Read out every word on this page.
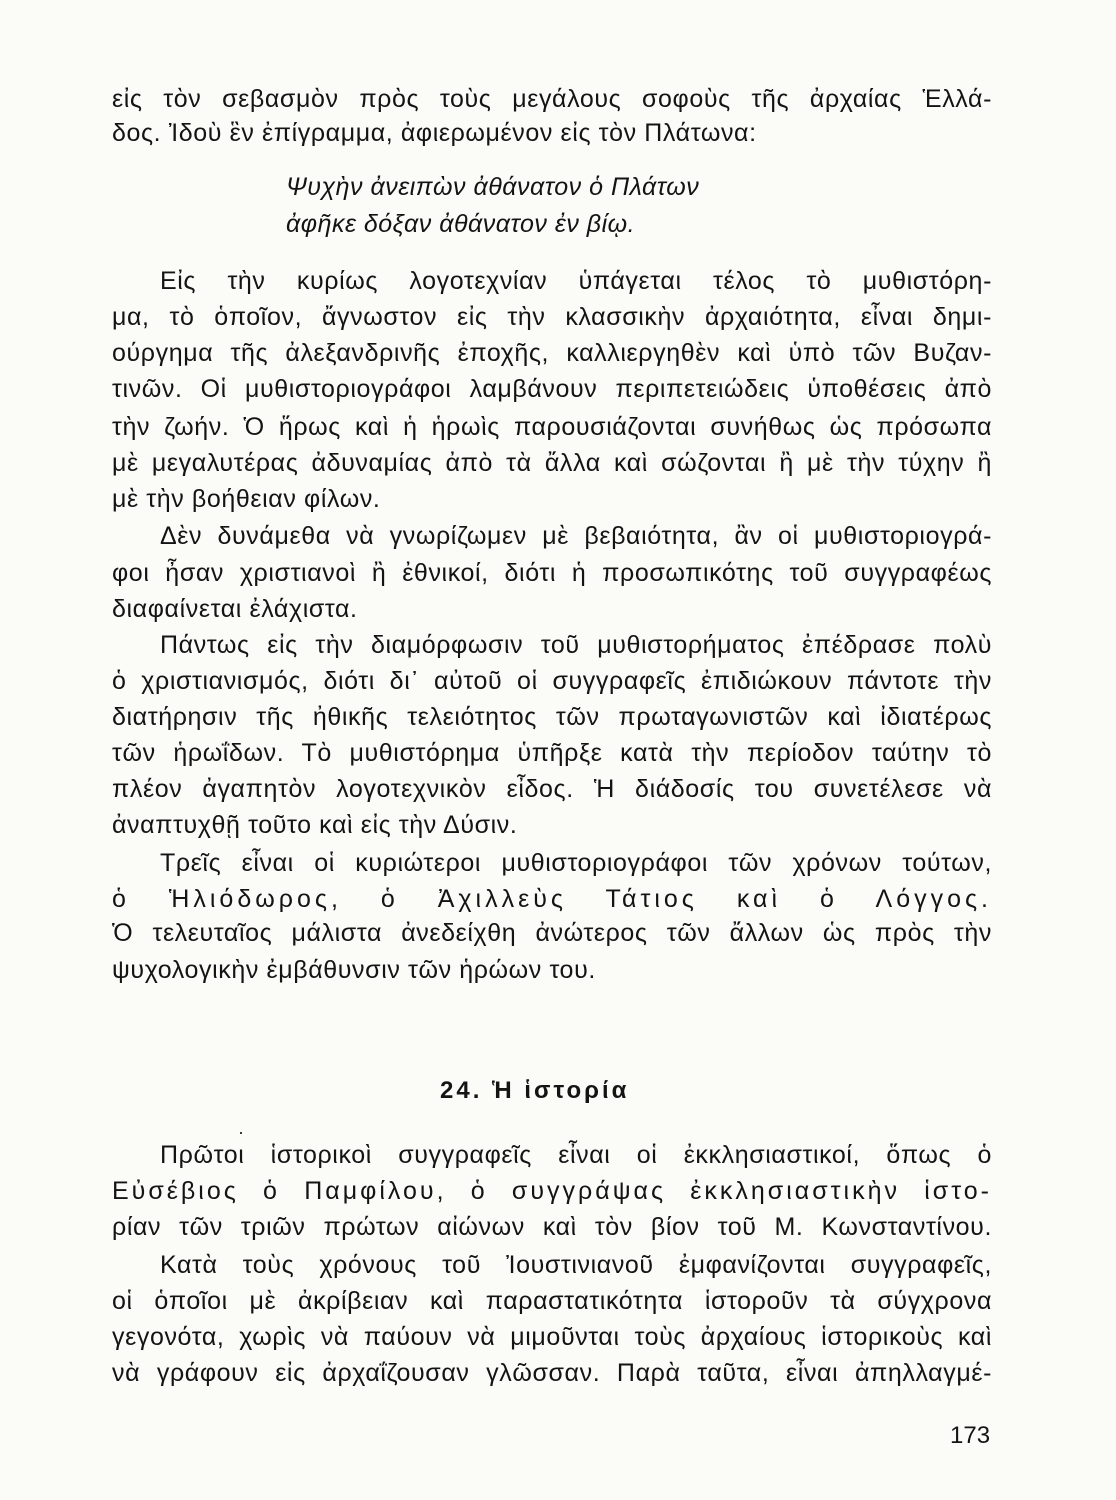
εἰς τὸν σεβασμὸν πρὸς τοὺς μεγάλους σοφοὺς τῆς ἀρχαίας Ἑλλά-
δος. Ἰδοὺ ἓν ἐπίγραμμα, ἀφιερωμένον εἰς τὸν Πλάτωνα:
Ψυχὴν ἀνειπὼν ἀθάνατον ὁ Πλάτων
ἀφῆκε δόξαν ἀθάνατον ἐν βίῳ.
Εἰς τὴν κυρίως λογοτεχνίαν ὑπάγεται τέλος τὸ μυθιστόρη-
μα, τὸ ὁποῖον, ἄγνωστον εἰς τὴν κλασσικὴν ἀρχαιότητα, εἶναι δημι-
ούργημα τῆς ἀλεξανδρινῆς ἐποχῆς, καλλιεργηθὲν καὶ ὑπὸ τῶν Βυζαν-
τινῶν. Οἱ μυθιστοριογράφοι λαμβάνουν περιπετειώδεις ὑποθέσεις ἀπὸ
τὴν ζωήν. Ὁ ἥρως καὶ ἡ ἡρωὶς παρουσιάζονται συνήθως ὡς πρόσωπα
μὲ μεγαλυτέρας ἀδυναμίας ἀπὸ τὰ ἄλλα καὶ σώζονται ἢ μὲ τὴν τύχην ἢ
μὲ τὴν βοήθειαν φίλων.
Δὲν δυνάμεθα νὰ γνωρίζωμεν μὲ βεβαιότητα, ἂν οἱ μυθιστοριογρά-
φοι ἦσαν χριστιανοὶ ἢ ἐθνικοί, διότι ἡ προσωπικότης τοῦ συγγραφέως
διαφαίνεται ἐλάχιστα.
Πάντως εἰς τὴν διαμόρφωσιν τοῦ μυθιστορήματος ἐπέδρασε πολὺ
ὁ χριστιανισμός, διότι δι᾽ αὐτοῦ οἱ συγγραφεῖς ἐπιδιώκουν πάντοτε τὴν
διατήρησιν τῆς ἠθικῆς τελειότητος τῶν πρωταγωνιστῶν καὶ ἰδιατέρως
τῶν ἡρωΐδων. Τὸ μυθιστόρημα ὑπῆρξε κατὰ τὴν περίοδον ταύτην τὸ
πλέον ἀγαπητὸν λογοτεχνικὸν εἶδος. Ἡ διάδοσίς του συνετέλεσε νὰ
ἀναπτυχθῇ τοῦτο καὶ εἰς τὴν Δύσιν.
Τρεῖς εἶναι οἱ κυριώτεροι μυθιστοριογράφοι τῶν χρόνων τούτων,
ὁ Ἡλιόδωρος, ὁ Ἀχιλλεὺς Τάτιος καὶ ὁ Λόγγος.
Ὁ τελευταῖος μάλιστα ἀνεδείχθη ἀνώτερος τῶν ἄλλων ὡς πρὸς τὴν
ψυχολογικὴν ἐμβάθυνσιν τῶν ἡρώων του.
24. Ἡ ἱστορία
·
Πρῶτοι ἱστορικοὶ συγγραφεῖς εἶναι οἱ ἐκκλησιαστικοί, ὅπως ὁ
Εὐσέβιος ὁ Παμφίλου, ὁ συγγράψας ἐκκλησιαστικὴν ἱστο-
ρίαν τῶν τριῶν πρώτων αἰώνων καὶ τὸν βίον τοῦ Μ. Κωνσταντίνου.
Κατὰ τοὺς χρόνους τοῦ Ἰουστινιανοῦ ἐμφανίζονται συγγραφεῖς,
οἱ ὁποῖοι μὲ ἀκρίβειαν καὶ παραστατικότητα ἱστοροῦν τὰ σύγχρονα
γεγονότα, χωρὶς νὰ παύουν νὰ μιμοῦνται τοὺς ἀρχαίους ἱστορικοὺς καὶ
νὰ γράφουν εἰς ἀρχαΐζουσαν γλῶσσαν. Παρὰ ταῦτα, εἶναι ἀπηλλαγμέ-
173
